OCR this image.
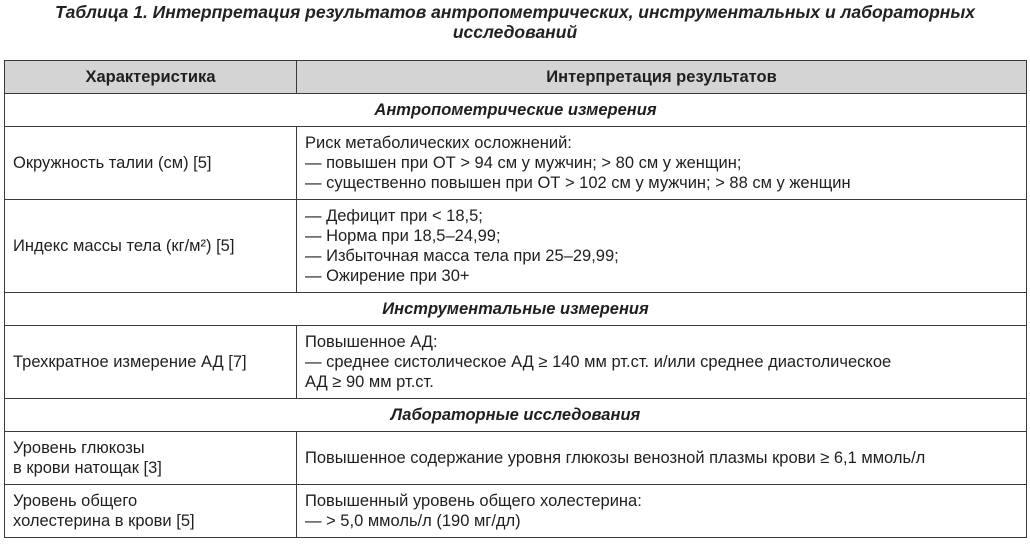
Таблица 1. Интерпретация результатов антропометрических, инструментальных и лабораторных
исследований
Характеристика	Интерпретация результатов
Антропометрические измерения	
Окружность талии (см) [5]	Риск метаболических осложнений:
— повышен при ОТ > 94 см у мужчин; > 80 см у женщин;
— существенно повышен при ОТ > 102 см у мужчин; > 88 см у женщин

Индекс массы тела (кг/м²) [5]	— Дефицит при < 18,5;
— Норма при 18,5–24,99;
— Избыточная масса тела при 25–29,99;
— Ожирение при 30+

Инструментальные измерения	
Трехкратное измерение АД [7]	Повышенное АД:
— среднее систолическое АД ≥ 140 мм рт.ст. и/или среднее диастолическое
АД ≥ 90 мм рт.ст.

Лабораторные исследования	

Уровень глюкозы
в крови натощак [3]	Повышенное содержание уровня глюкозы венозной плазмы крови ≥ 6,1 ммоль/л

Уровень общего
холестерина в крови [5]	Повышенный уровень общего холестерина:
— > 5,0 ммоль/л (190 мг/дл)
